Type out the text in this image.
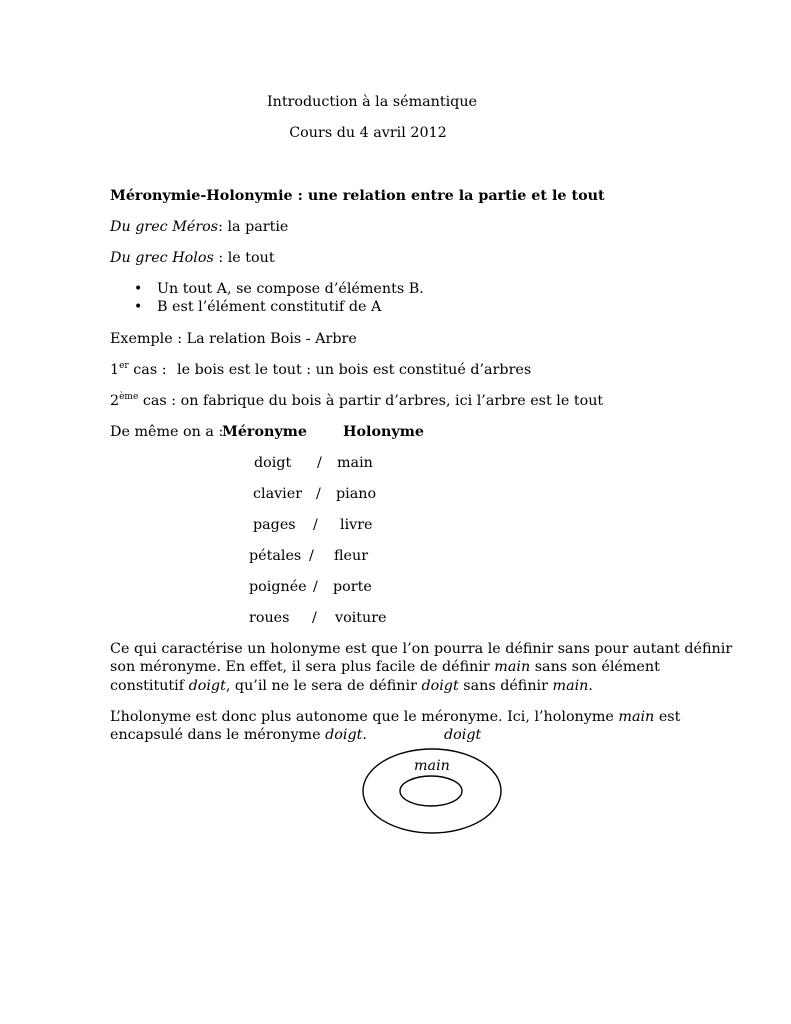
Introduction à la sémantique
Cours du 4 avril 2012
Méronymie-Holonymie : une relation entre la partie et le tout
Du grec Méros: la partie
Du grec Holos : le tout
• Un tout A, se compose d’éléments B.
• B est l’élément constitutif de A
Exemple : La relation Bois - Arbre
1er cas : le bois est le tout : un bois est constitué d’arbres
2ème cas : on fabrique du bois à partir d’arbres, ici l’arbre est le tout
De même on a :
Méronyme	Holonyme
doigt / main
clavier / piano
pages / livre
pétales / fleur
poignée / porte
roues / voiture
Ce qui caractérise un holonyme est que l’on pourra le définir sans pour autant définir
son méronyme. En effet, il sera plus facile de définir main sans son élément
constitutif doigt, qu’il ne le sera de définir doigt sans définir main.
L’holonyme est donc plus autonome que le méronyme. Ici, l’holonyme main est
encapsulé dans le méronyme doigt.	doigt
main
